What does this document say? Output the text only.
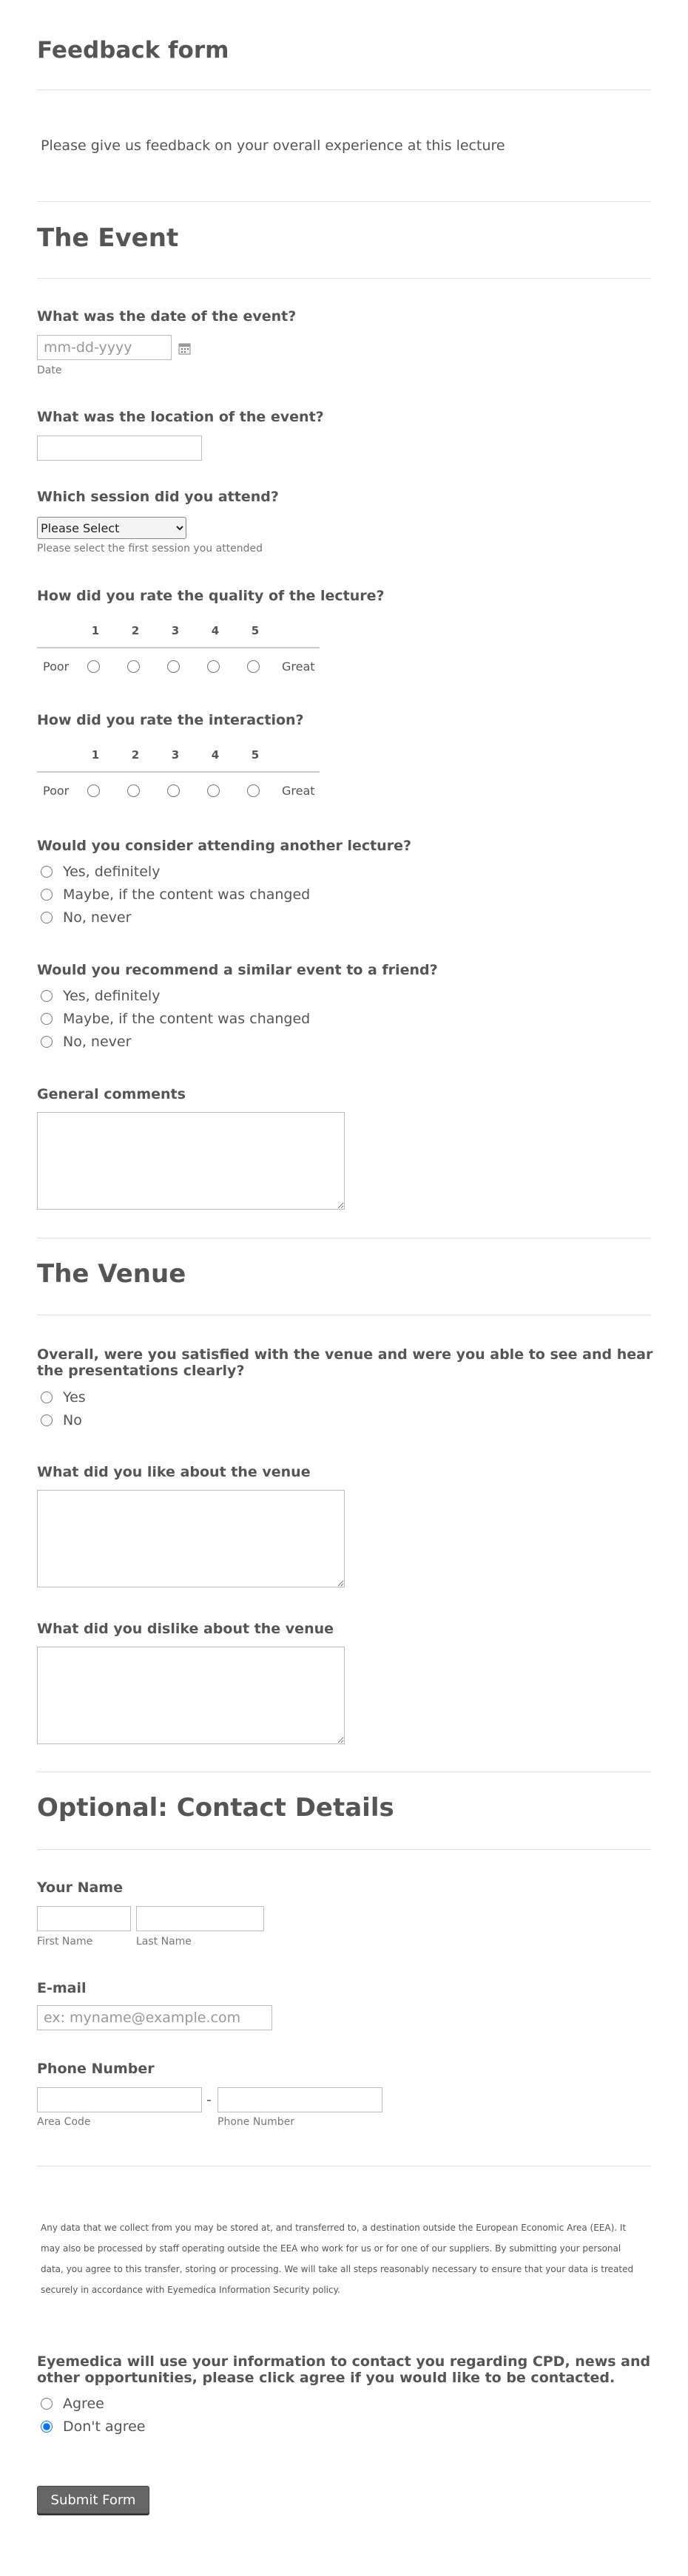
Feedback form
Please give us feedback on your overall experience at this lecture
The Event
What was the date of the event?
mm-dd-yyyy
Date
What was the location of the event?
Which session did you attend?
Please Select
Please select the first session you attended
How did you rate the quality of the lecture?
1	2	3	4	5
Poor	Great
How did you rate the interaction?
1	2	3	4	5
Poor	Great
Would you consider attending another lecture?
Yes, definitely
Maybe, if the content was changed
No, never
Would you recommend a similar event to a friend?
Yes, definitely
Maybe, if the content was changed
No, never
General comments
The Venue
Overall, were you satisfied with the venue and were you able to see and hear
the presentations clearly?
Yes
No
What did you like about the venue
What did you dislike about the venue
Optional: Contact Details
Your Name
First Name	Last Name
E-mail
ex: myname@example.com
Phone Number
-
Area Code	Phone Number
Any data that we collect from you may be stored at, and transferred to, a destination outside the European Economic Area (EEA). It
may also be processed by staff operating outside the EEA who work for us or for one of our suppliers. By submitting your personal
data, you agree to this transfer, storing or processing. We will take all steps reasonably necessary to ensure that your data is treated
securely in accordance with Eyemedica Information Security policy.
Eyemedica will use your information to contact you regarding CPD, news and
other opportunities, please click agree if you would like to be contacted.
Agree
Don't agree
Submit Form
